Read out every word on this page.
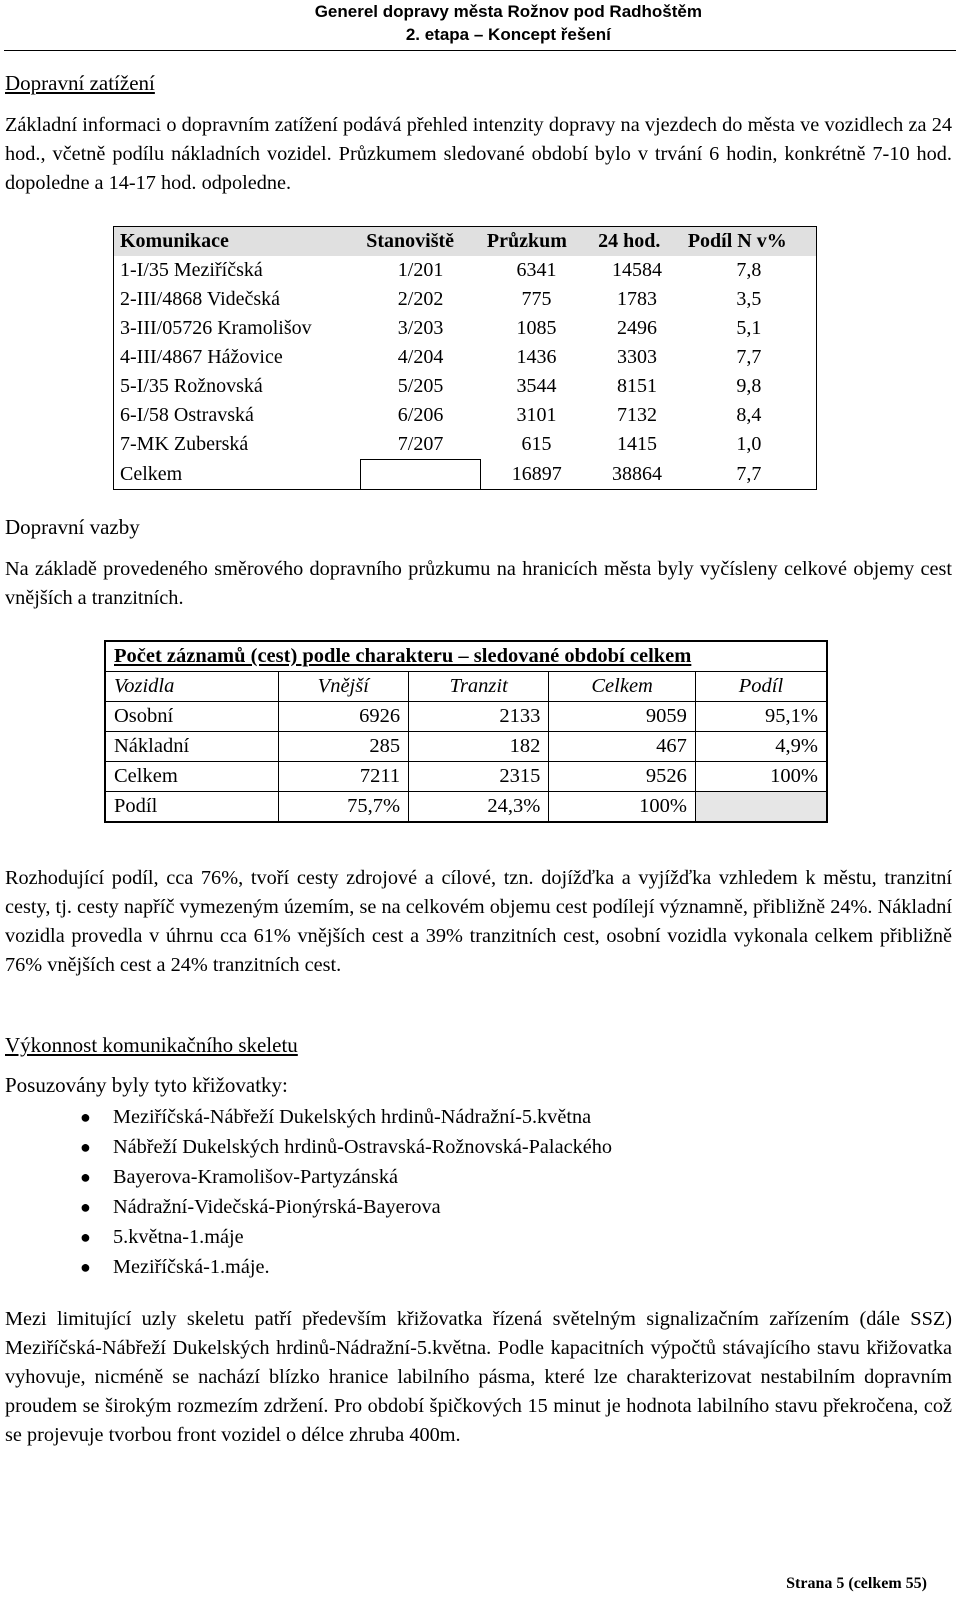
Generel dopravy města Rožnov pod Radhoštěm
2. etapa – Koncept řešení
Dopravní zatížení
Základní informaci o dopravním zatížení podává přehled intenzity dopravy na vjezdech do města ve vozidlech za 24 hod., včetně podílu nákladních vozidel. Průzkumem sledované období bylo v trvání 6 hodin, konkrétně 7-10 hod. dopoledne a 14-17 hod. odpoledne.
Komunikace	Stanoviště	Průzkum	24 hod.	Podíl N v%
1-I/35 Meziříčská	1/201	6341	14584	7,8
2-III/4868 Videčská	2/202	775	1783	3,5
3-III/05726 Kramolišov	3/203	1085	2496	5,1
4-III/4867 Hážovice	4/204	1436	3303	7,7
5-I/35 Rožnovská	5/205	3544	8151	9,8
6-I/58 Ostravská	6/206	3101	7132	8,4
7-MK Zuberská	7/207	615	1415	1,0
Celkem		16897	38864	7,7
Dopravní vazby
Na základě provedeného směrového dopravního průzkumu na hranicích města byly vyčísleny celkové objemy cest vnějších a tranzitních.
Počet záznamů (cest) podle charakteru – sledované období celkem				
Vozidla	Vnější	Tranzit	Celkem	Podíl
Osobní	6926	2133	9059	95,1%
Nákladní	285	182	467	4,9%
Celkem	7211	2315	9526	100%
Podíl	75,7%	24,3%	100%	
Rozhodující podíl, cca 76%, tvoří cesty zdrojové a cílové, tzn. dojížďka a vyjížďka vzhledem k městu, tranzitní cesty, tj. cesty napříč vymezeným územím, se na celkovém objemu cest podílejí významně, přibližně 24%. Nákladní vozidla provedla v úhrnu cca 61% vnějších cest a 39% tranzitních cest, osobní vozidla vykonala celkem přibližně 76% vnějších cest a 24% tranzitních cest.
Výkonnost komunikačního skeletu
Posuzovány byly tyto křižovatky:
● Meziříčská-Nábřeží Dukelských hrdinů-Nádražní-5.května
● Nábřeží Dukelských hrdinů-Ostravská-Rožnovská-Palackého
● Bayerova-Kramolišov-Partyzánská
● Nádražní-Videčská-Pionýrská-Bayerova
● 5.května-1.máje
● Meziříčská-1.máje.
Mezi limitující uzly skeletu patří především křižovatka řízená světelným signalizačním zařízením (dále SSZ) Meziříčská-Nábřeží Dukelských hrdinů-Nádražní-5.května. Podle kapacitních výpočtů stávajícího stavu křižovatka vyhovuje, nicméně se nachází blízko hranice labilního pásma, které lze charakterizovat nestabilním dopravním proudem se širokým rozmezím zdržení. Pro období špičkových 15 minut je hodnota labilního stavu překročena, což se projevuje tvorbou front vozidel o délce zhruba 400m.
Strana 5 (celkem 55)
